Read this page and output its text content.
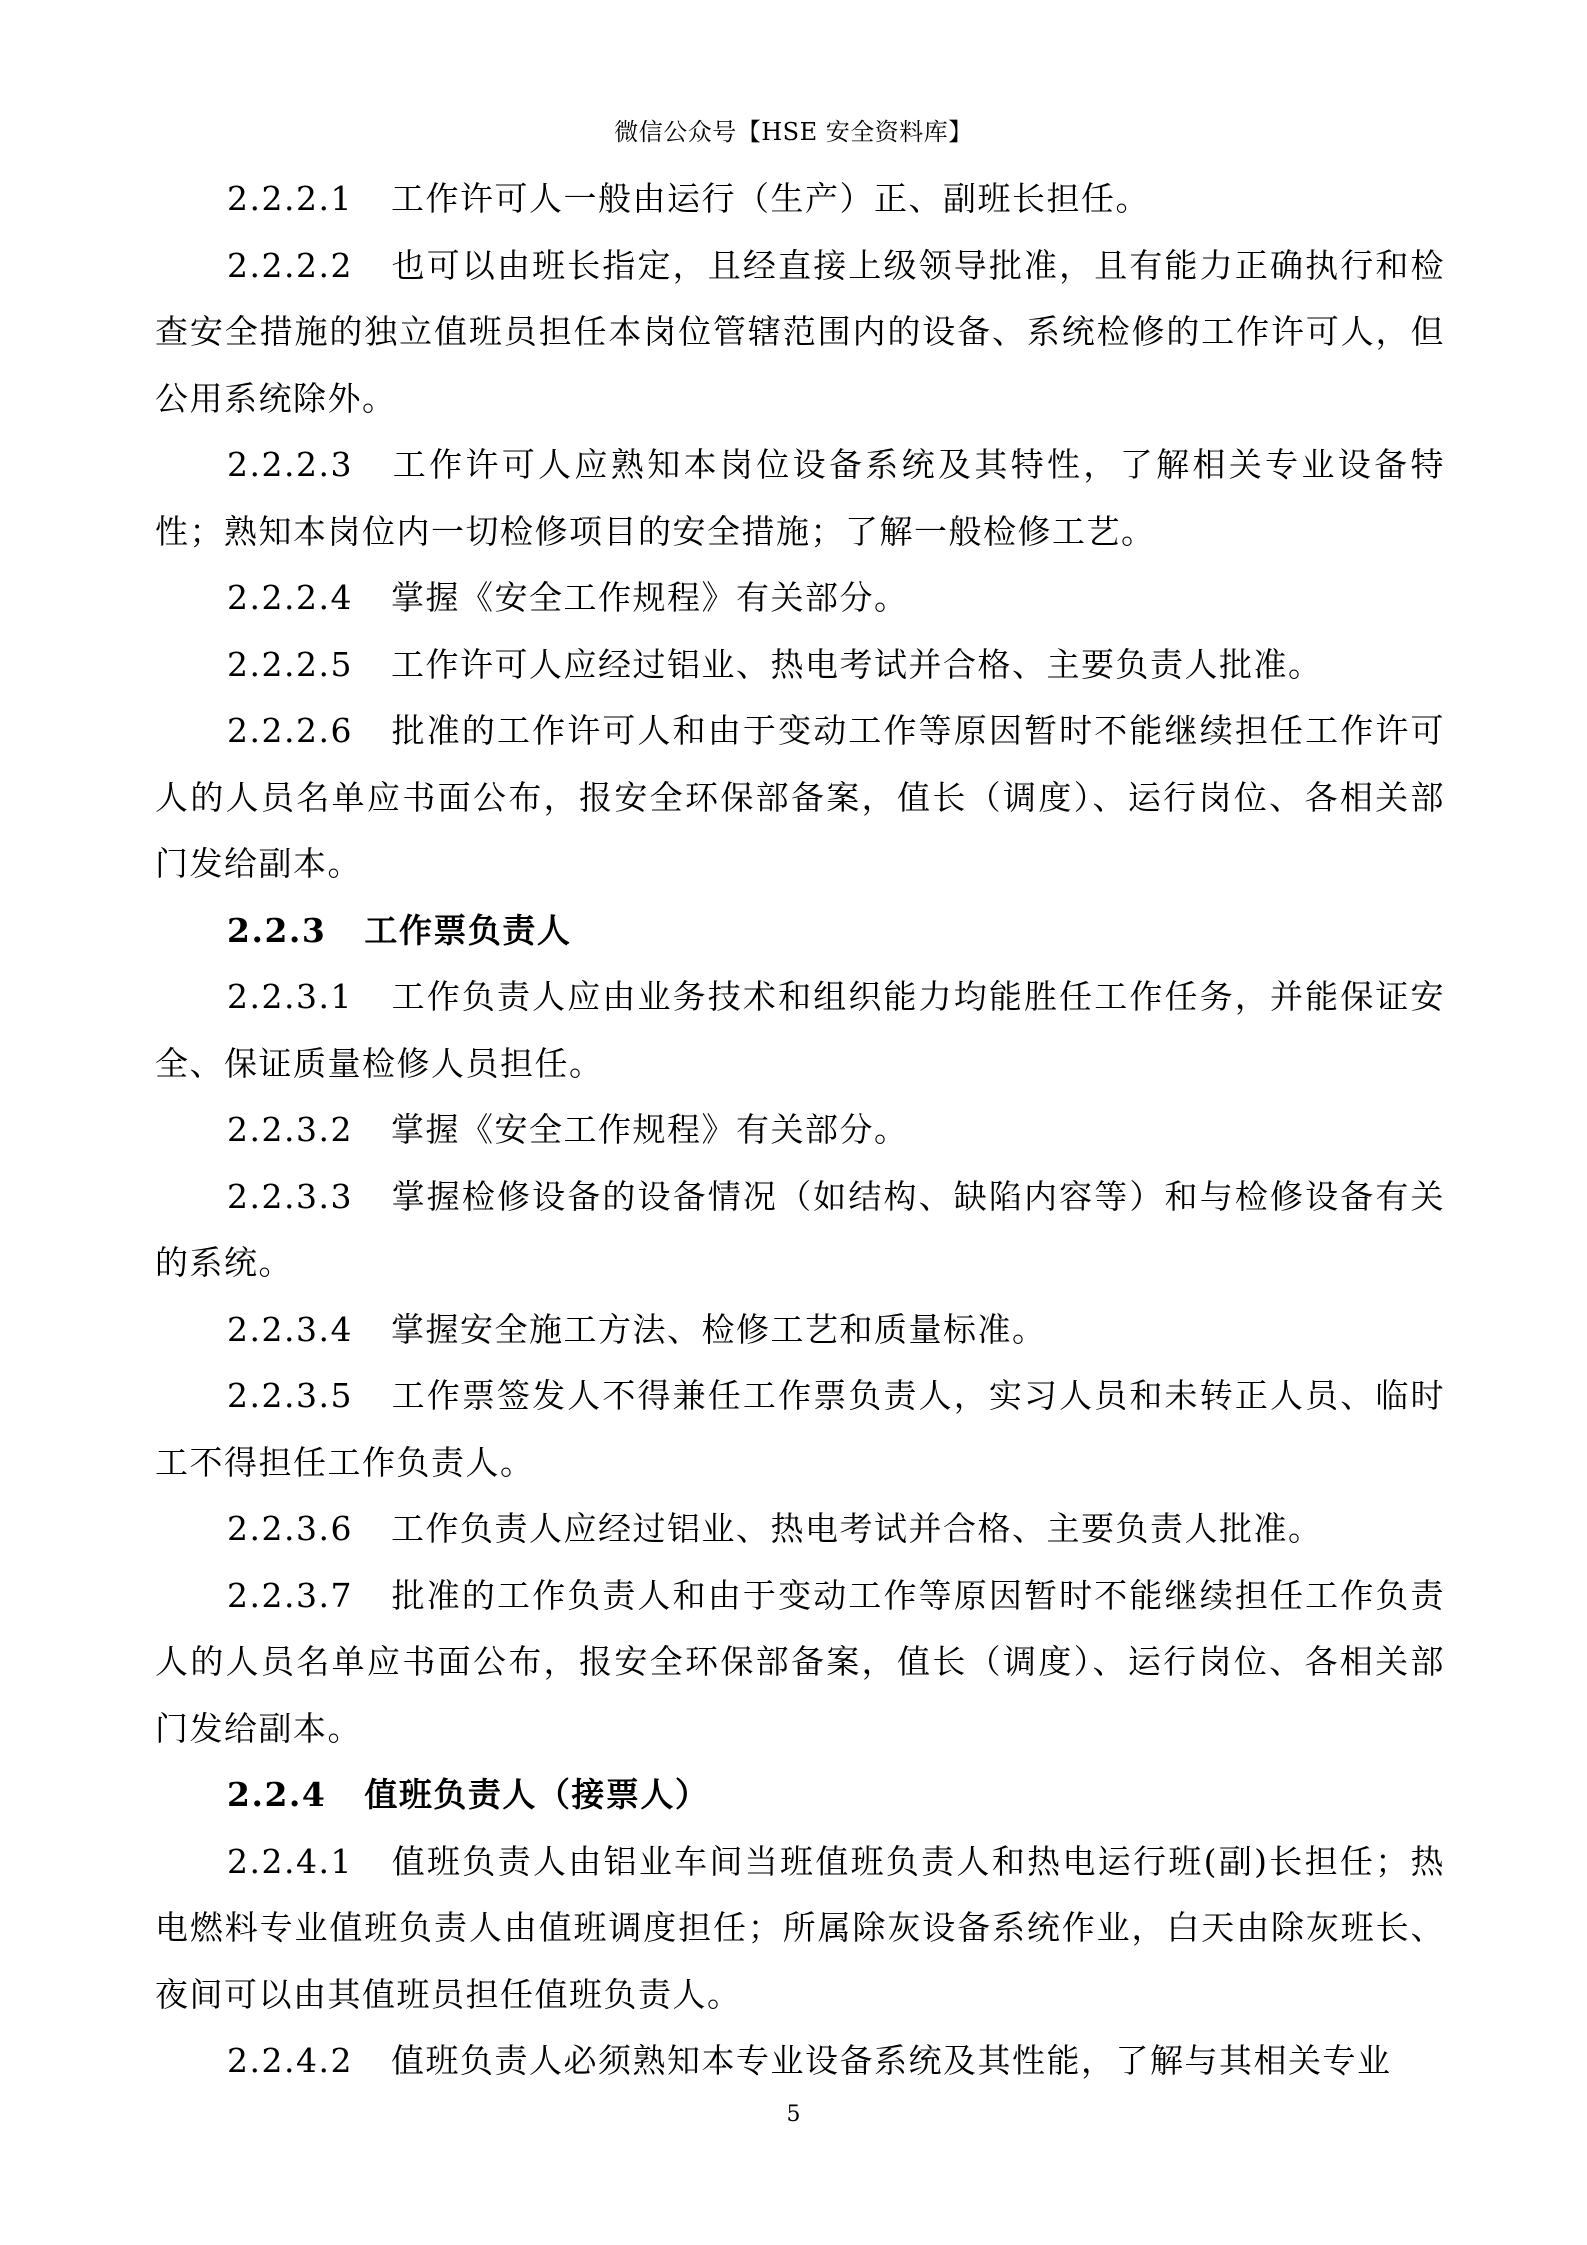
微信公众号【HSE 安全资料库】

2.2.2.1 工作许可人一般由运行（生产）正、副班长担任。

2.2.2.2 也可以由班长指定，且经直接上级领导批准，且有能力正确执行和检查安全措施的独立值班员担任本岗位管辖范围内的设备、系统检修的工作许可人，但公用系统除外。

2.2.2.3 工作许可人应熟知本岗位设备系统及其特性，了解相关专业设备特性；熟知本岗位内一切检修项目的安全措施；了解一般检修工艺。

2.2.2.4 掌握《安全工作规程》有关部分。

2.2.2.5 工作许可人应经过铝业、热电考试并合格、主要负责人批准。

2.2.2.6 批准的工作许可人和由于变动工作等原因暂时不能继续担任工作许可人的人员名单应书面公布，报安全环保部备案，值长（调度）、运行岗位、各相关部门发给副本。

2.2.3 工作票负责人

2.2.3.1 工作负责人应由业务技术和组织能力均能胜任工作任务，并能保证安全、保证质量检修人员担任。

2.2.3.2 掌握《安全工作规程》有关部分。

2.2.3.3 掌握检修设备的设备情况（如结构、缺陷内容等）和与检修设备有关的系统。

2.2.3.4 掌握安全施工方法、检修工艺和质量标准。

2.2.3.5 工作票签发人不得兼任工作票负责人，实习人员和未转正人员、临时工不得担任工作负责人。

2.2.3.6 工作负责人应经过铝业、热电考试并合格、主要负责人批准。

2.2.3.7 批准的工作负责人和由于变动工作等原因暂时不能继续担任工作负责人的人员名单应书面公布，报安全环保部备案，值长（调度）、运行岗位、各相关部门发给副本。

2.2.4 值班负责人（接票人）

2.2.4.1 值班负责人由铝业车间当班值班负责人和热电运行班(副)长担任；热电燃料专业值班负责人由值班调度担任；所属除灰设备系统作业，白天由除灰班长、夜间可以由其值班员担任值班负责人。

2.2.4.2 值班负责人必须熟知本专业设备系统及其性能，了解与其相关专业

5
